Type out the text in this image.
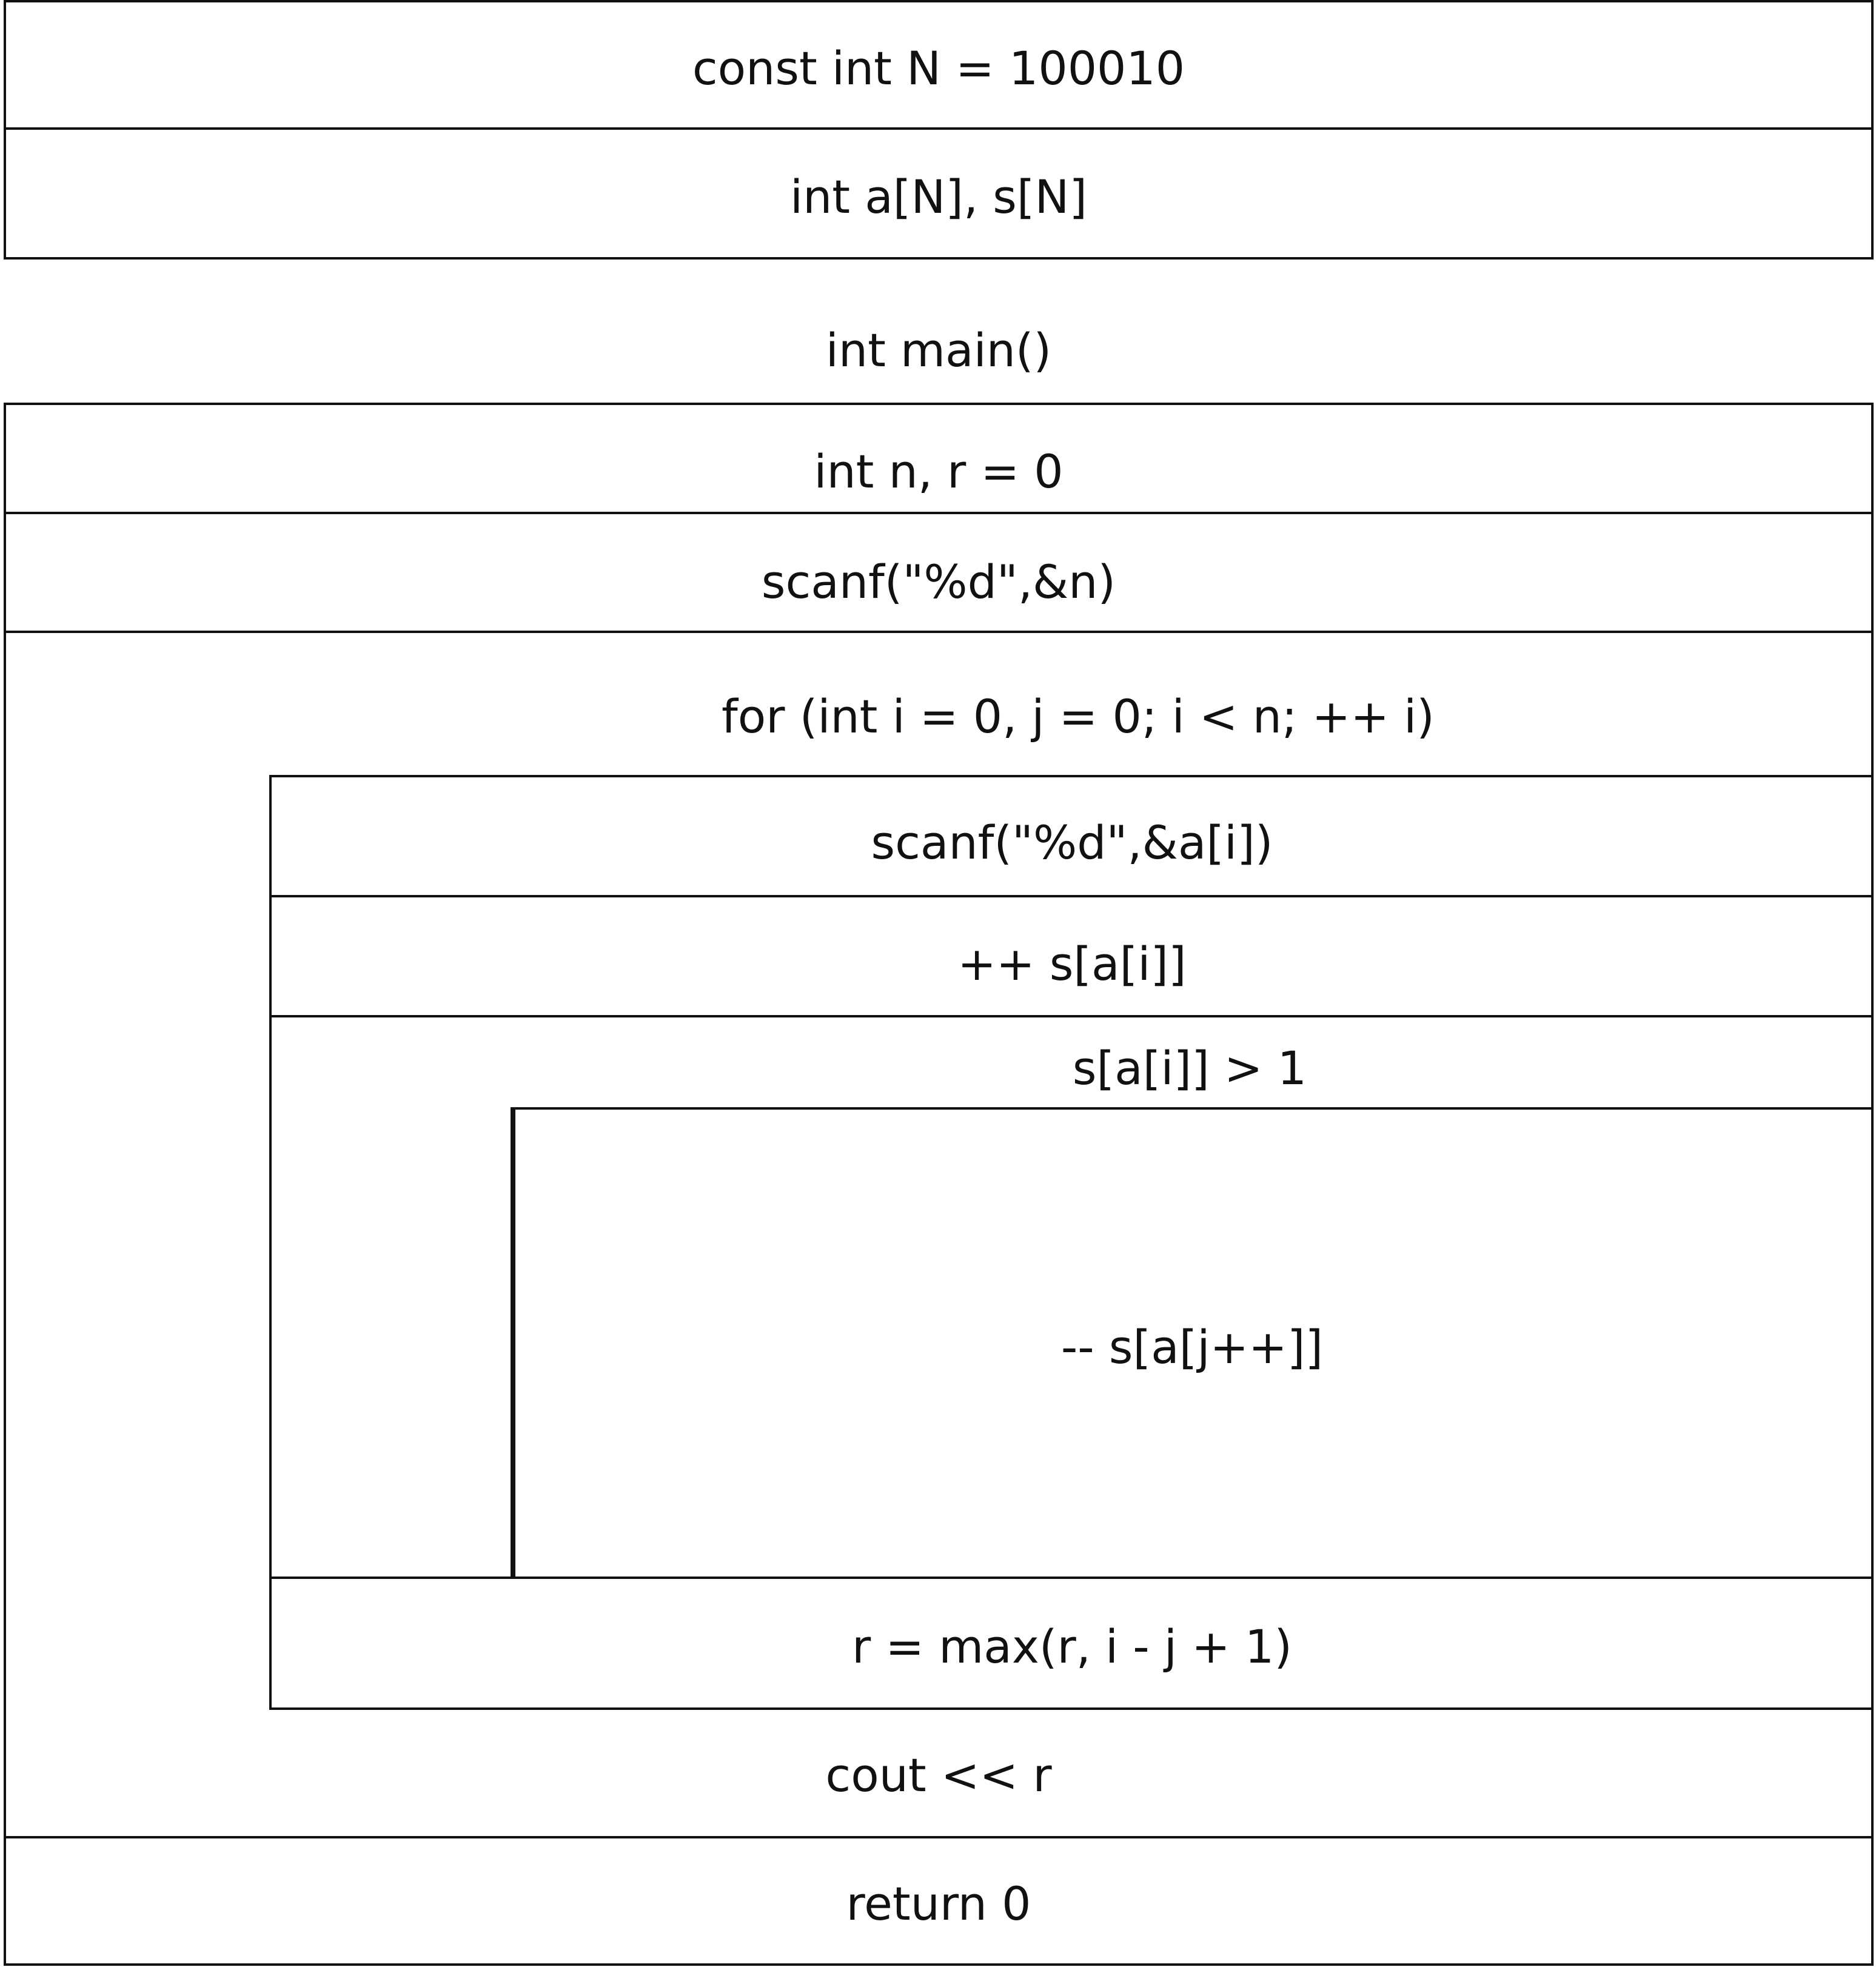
const int N = 100010
int a[N], s[N]
int main()
int n, r = 0
scanf("%d",&n)
for (int i = 0, j = 0; i < n; ++ i)
scanf("%d",&a[i])
++ s[a[i]]
s[a[i]] > 1
-- s[a[j++]]
r = max(r, i - j + 1)
cout << r
return 0
